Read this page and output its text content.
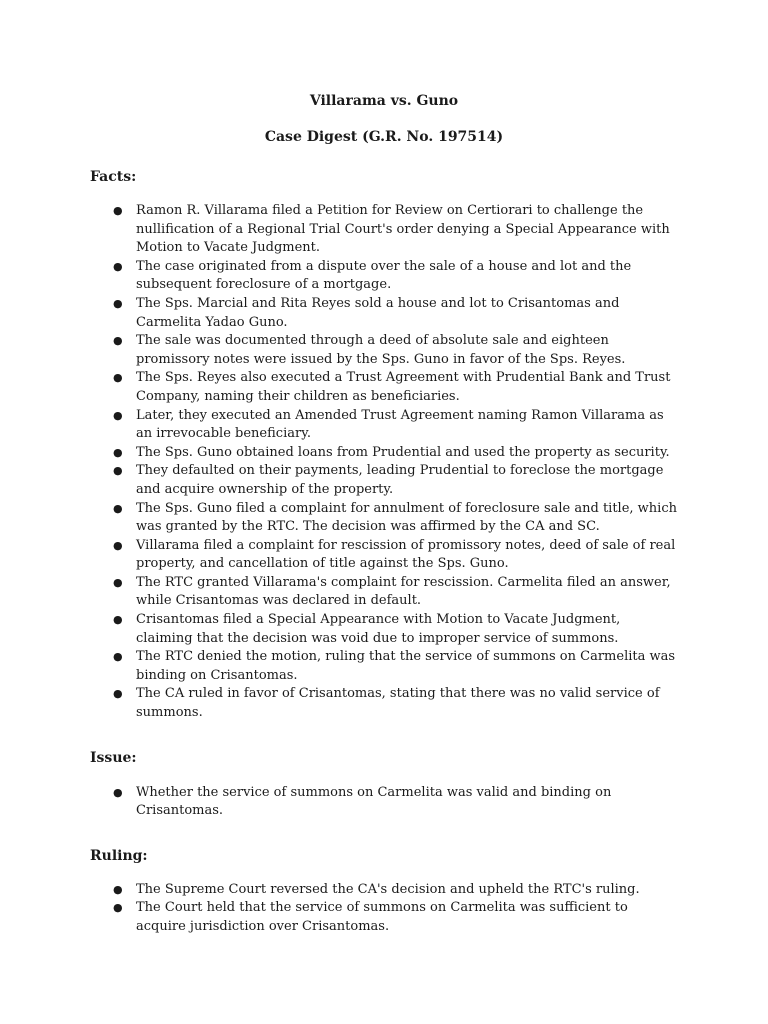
Villarama vs. Guno

Case Digest (G.R. No. 197514)

Facts:

● Ramon R. Villarama filed a Petition for Review on Certiorari to challenge the nullification of a Regional Trial Court's order denying a Special Appearance with Motion to Vacate Judgment.
● The case originated from a dispute over the sale of a house and lot and the subsequent foreclosure of a mortgage.
● The Sps. Marcial and Rita Reyes sold a house and lot to Crisantomas and Carmelita Yadao Guno.
● The sale was documented through a deed of absolute sale and eighteen promissory notes were issued by the Sps. Guno in favor of the Sps. Reyes.
● The Sps. Reyes also executed a Trust Agreement with Prudential Bank and Trust Company, naming their children as beneficiaries.
● Later, they executed an Amended Trust Agreement naming Ramon Villarama as an irrevocable beneficiary.
● The Sps. Guno obtained loans from Prudential and used the property as security.
● They defaulted on their payments, leading Prudential to foreclose the mortgage and acquire ownership of the property.
● The Sps. Guno filed a complaint for annulment of foreclosure sale and title, which was granted by the RTC. The decision was affirmed by the CA and SC.
● Villarama filed a complaint for rescission of promissory notes, deed of sale of real property, and cancellation of title against the Sps. Guno.
● The RTC granted Villarama's complaint for rescission. Carmelita filed an answer, while Crisantomas was declared in default.
● Crisantomas filed a Special Appearance with Motion to Vacate Judgment, claiming that the decision was void due to improper service of summons.
● The RTC denied the motion, ruling that the service of summons on Carmelita was binding on Crisantomas.
● The CA ruled in favor of Crisantomas, stating that there was no valid service of summons.

Issue:

● Whether the service of summons on Carmelita was valid and binding on Crisantomas.

Ruling:

● The Supreme Court reversed the CA's decision and upheld the RTC's ruling.
● The Court held that the service of summons on Carmelita was sufficient to acquire jurisdiction over Crisantomas.
